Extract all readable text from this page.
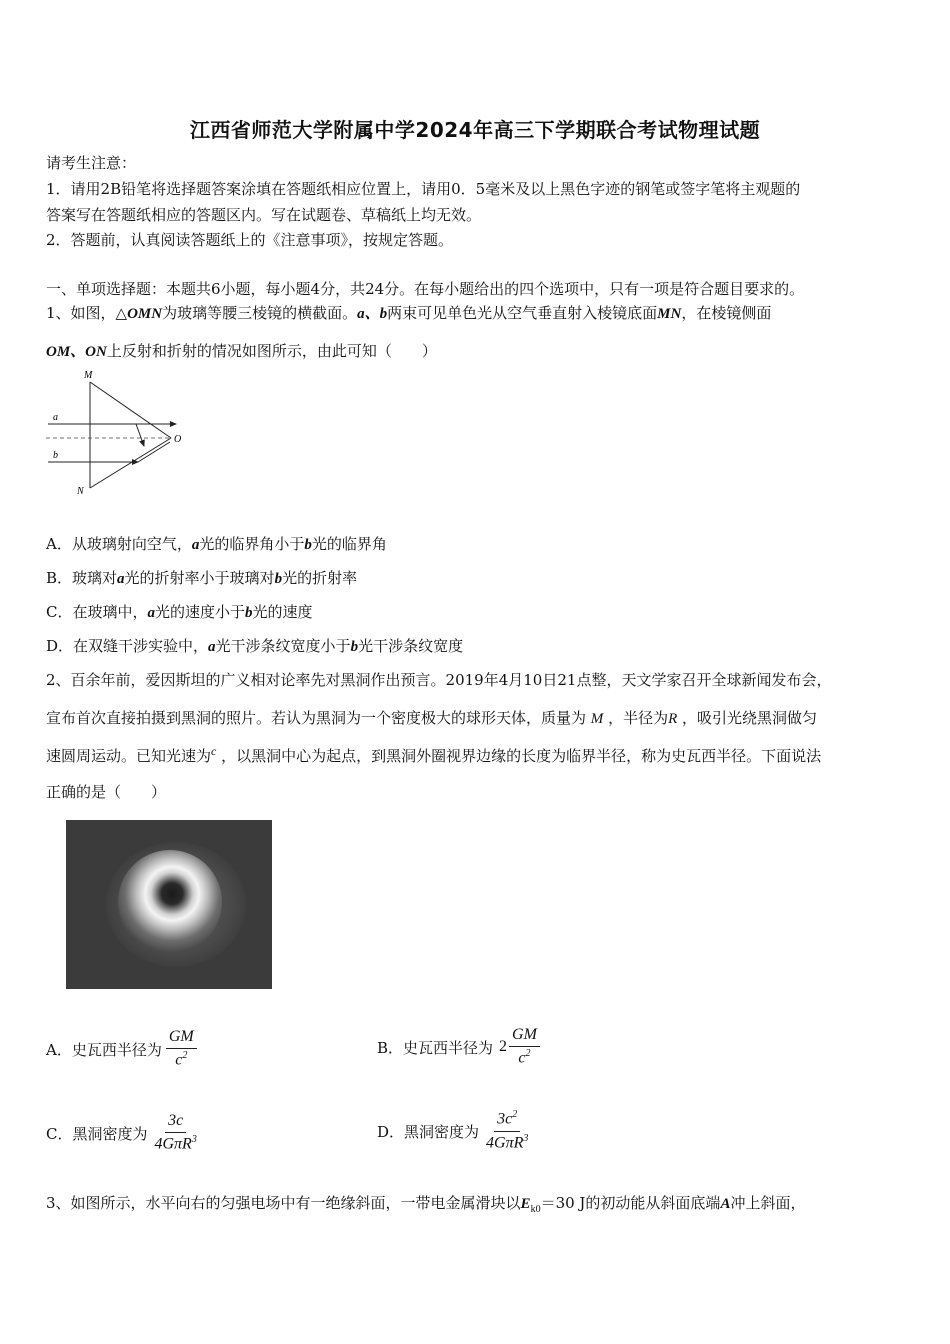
江西省师范大学附属中学2024年高三下学期联合考试物理试题
请考生注意：
1．请用2B铅笔将选择题答案涂填在答题纸相应位置上，请用0．5毫米及以上黑色字迹的钢笔或签字笔将主观题的
答案写在答题纸相应的答题区内。写在试题卷、草稿纸上均无效。
2．答题前，认真阅读答题纸上的《注意事项》，按规定答题。
一、单项选择题：本题共6小题，每小题4分，共24分。在每小题给出的四个选项中，只有一项是符合题目要求的。
1、如图，△OMN为玻璃等腰三棱镜的横截面。a、b两束可见单色光从空气垂直射入棱镜底面MN，在棱镜侧面
OM、ON上反射和折射的情况如图所示，由此可知（　　）
M
N
O
a
b
A．从玻璃射向空气，a光的临界角小于b光的临界角
B．玻璃对a光的折射率小于玻璃对b光的折射率
C．在玻璃中，a光的速度小于b光的速度
D．在双缝干涉实验中，a光干涉条纹宽度小于b光干涉条纹宽度
2、百余年前，爱因斯坦的广义相对论率先对黑洞作出预言。2019年4月10日21点整，天文学家召开全球新闻发布会，
宣布首次直接拍摄到黑洞的照片。若认为黑洞为一个密度极大的球形天体，质量为 M ，半径为R ，吸引光绕黑洞做匀
速圆周运动。已知光速为$^c$ ，以黑洞中心为起点，到黑洞外圈视界边缘的长度为临界半径，称为史瓦西半径。下面说法
正确的是（　　）
A．史瓦西半径为 $\frac{GM}{c^2}$	B．史瓦西半径为 $2 \frac{GM}{c^2}$
C．黑洞密度为 $\frac{3c}{4G\pi R^3}$	D．黑洞密度为 $\frac{3c^2}{4G\pi R^3}$
3、如图所示，水平向右的匀强电场中有一绝缘斜面，一带电金属滑块以$E_{k0}=30$ J的初动能从斜面底端A冲上斜面，
